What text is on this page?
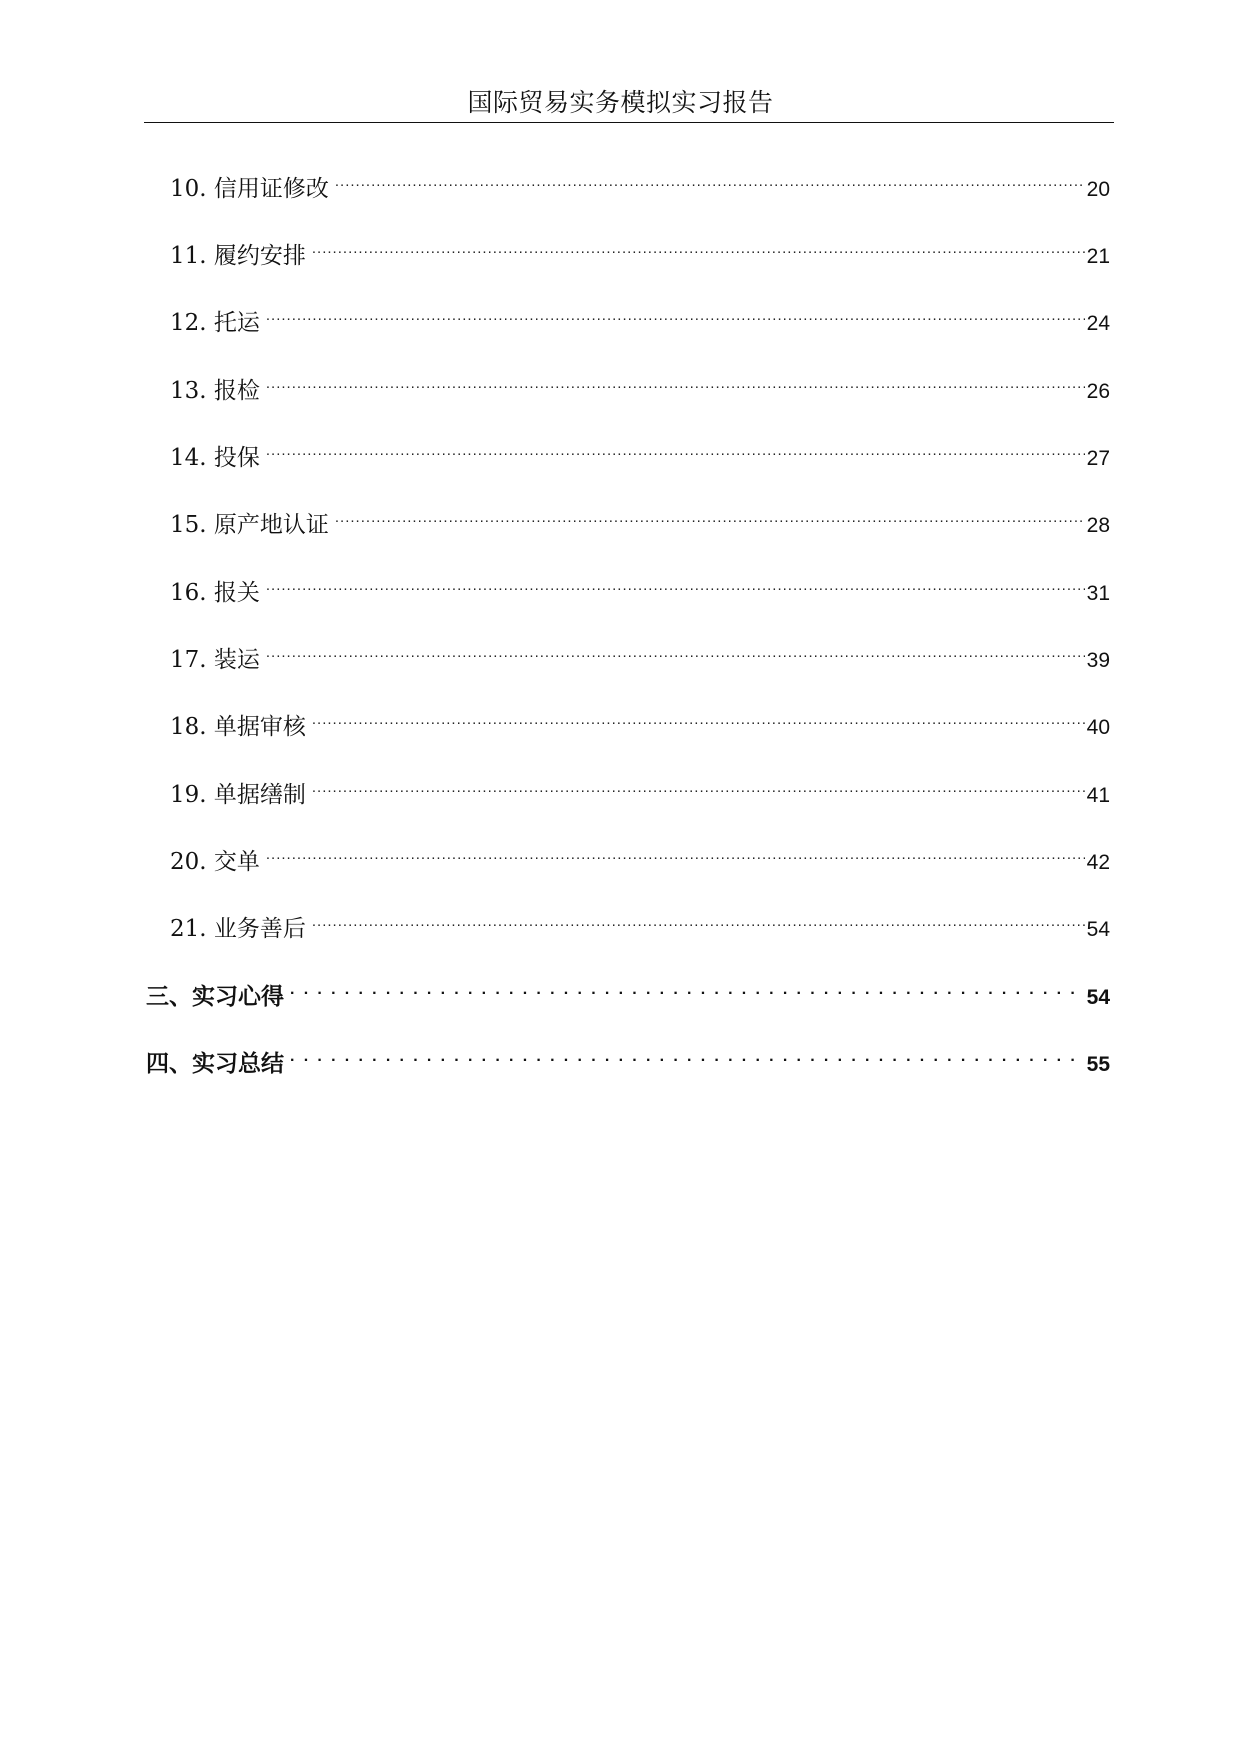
国际贸易实务模拟实习报告
10. 信用证修改 .....	20
11. 履约安排 .....	21
12. 托运 .....	24
13. 报检 .....	26
14. 投保 .....	27
15. 原产地认证 .....	28
16. 报关 .....	31
17. 装运 .....	39
18. 单据审核 .....	40
19. 单据缮制 .....	41
20. 交单 .....	42
21. 业务善后 .....	54
三、实习心得 . . .	54
四、实习总结 . . .	55
